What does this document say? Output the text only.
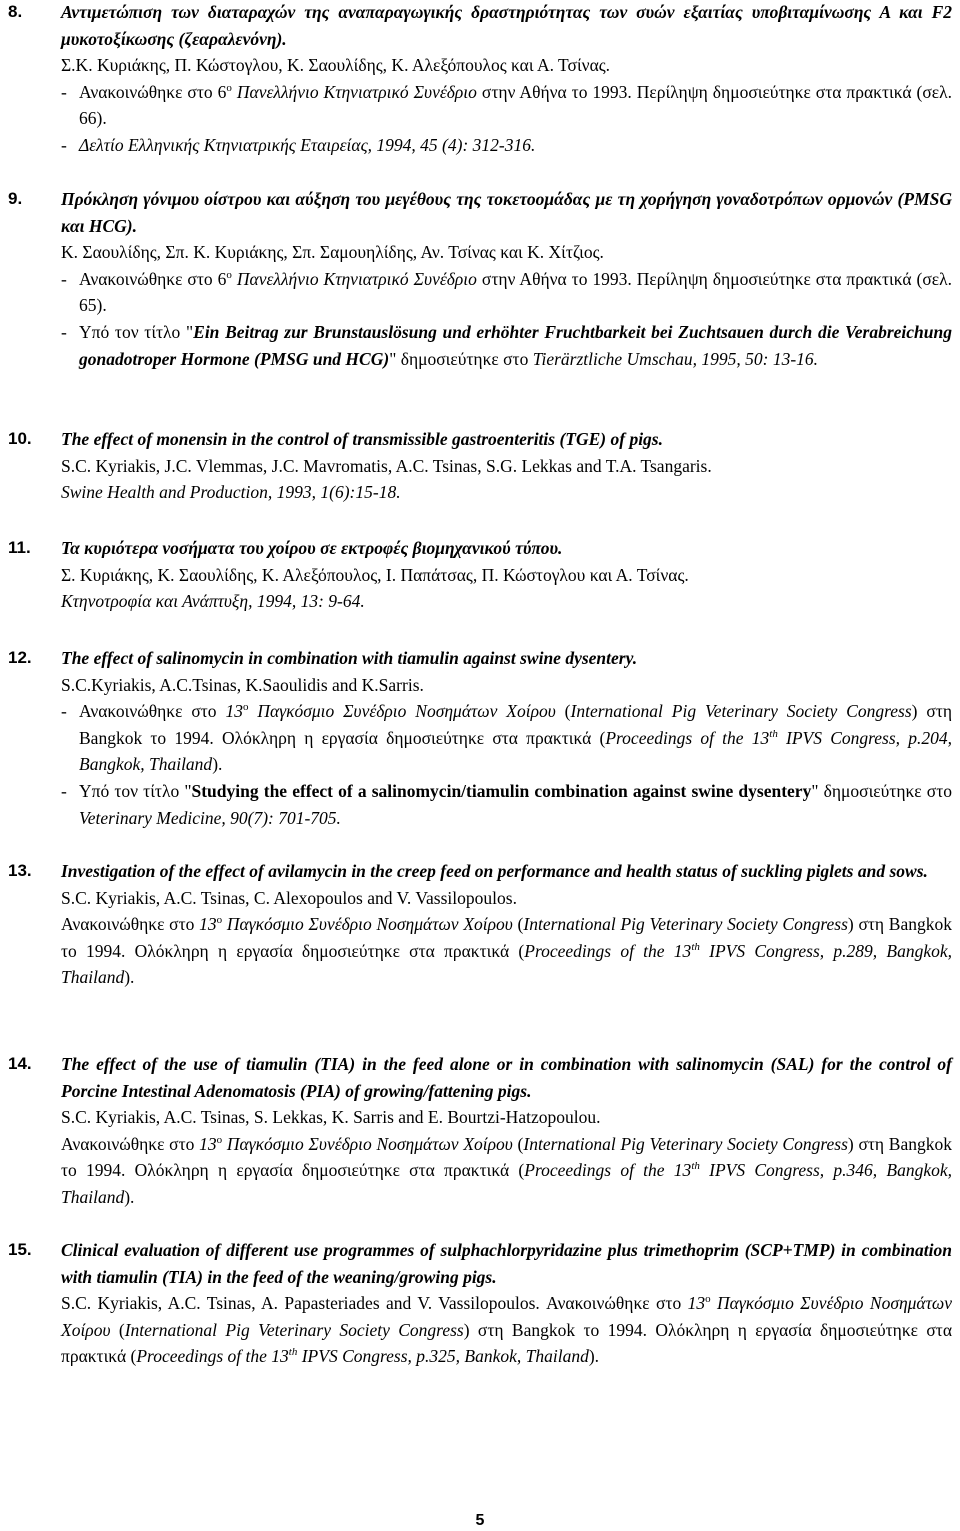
8. Αντιμετώπιση των διαταραχών της αναπαραγωγικής δραστηριότητας των συών εξαιτίας υποβιταμίνωσης Α και F2 μυκοτοξίκωσης (ζεαραλενόνη).
Σ.Κ. Κυριάκης, Π. Κώστογλου, Κ. Σαουλίδης, Κ. Αλεξόπουλος και Α. Τσίνας.
- Ανακοινώθηκε στο $6^o$ Πανελλήνιο Κτηνιατρικό Συνέδριο στην Αθήνα το 1993. Περίληψη δημοσιεύτηκε στα πρακτικά (σελ. 66).
- Δελτίο Ελληνικής Κτηνιατρικής Εταιρείας, 1994, 45 (4): 312-316.
9. Πρόκληση γόνιμου οίστρου και αύξηση του μεγέθους της τοκετοομάδας με τη χορήγηση γοναδοτρόπων ορμονών (PMSG και HCG).
Κ. Σαουλίδης, Σπ. Κ. Κυριάκης, Σπ. Σαμουηλίδης, Αν. Τσίνας και Κ. Χίτζιος.
- Ανακοινώθηκε στο $6^o$ Πανελλήνιο Κτηνιατρικό Συνέδριο στην Αθήνα το 1993. Περίληψη δημοσιεύτηκε στα πρακτικά (σελ. 65).
- Υπό τον τίτλο "Ein Beitrag zur Brunstauslösung und erhöhter Fruchtbarkeit bei Zuchtsauen durch die Verabreichung gonadotroper Hormone (PMSG und HCG)" δημοσιεύτηκε στο Tierärztliche Umschau, 1995, 50: 13-16.
10. The effect of monensin in the control of transmissible gastroenteritis (TGE) of pigs.
S.C. Kyriakis, J.C. Vlemmas, J.C. Mavromatis, A.C. Tsinas, S.G. Lekkas and T.A. Tsangaris.
Swine Health and Production, 1993, 1(6):15-18.
11. Τα κυριότερα νοσήματα του χοίρου σε εκτροφές βιομηχανικού τύπου.
Σ. Κυριάκης, Κ. Σαουλίδης, Κ. Αλεξόπουλος, Ι. Παπάτσας, Π. Κώστογλου και Α. Τσίνας.
Κτηνοτροφία και Ανάπτυξη, 1994, 13: 9-64.
12. The effect of salinomycin in combination with tiamulin against swine dysentery.
S.C.Kyriakis, A.C.Tsinas, K.Saoulidis and K.Sarris.
- Ανακοινώθηκε στο $13^o$ Παγκόσμιο Συνέδριο Νοσημάτων Χοίρου (International Pig Veterinary Society Congress) στη Bangkok το 1994. Ολόκληρη η εργασία δημοσιεύτηκε στα πρακτικά (Proceedings of the 13th IPVS Congress, p.204, Bangkok, Thailand).
- Υπό τον τίτλο "Studying the effect of a salinomycin/tiamulin combination against swine dysentery" δημοσιεύτηκε στο Veterinary Medicine, 90(7): 701-705.
13. Investigation of the effect of avilamycin in the creep feed on performance and health status of suckling piglets and sows.
S.C. Kyriakis, A.C. Tsinas, C. Alexopoulos and V. Vassilopoulos.
Ανακοινώθηκε στο $13^o$ Παγκόσμιο Συνέδριο Νοσημάτων Χοίρου (International Pig Veterinary Society Congress) στη Bangkok το 1994. Ολόκληρη η εργασία δημοσιεύτηκε στα πρακτικά (Proceedings of the 13th IPVS Congress, p.289, Bangkok, Thailand).
14. The effect of the use of tiamulin (TIA) in the feed alone or in combination with salinomycin (SAL) for the control of Porcine Intestinal Adenomatosis (PIA) of growing/fattening pigs.
S.C. Kyriakis, A.C. Tsinas, S. Lekkas, K. Sarris and E. Bourtzi-Hatzopoulou.
Ανακοινώθηκε στο $13^o$ Παγκόσμιο Συνέδριο Νοσημάτων Χοίρου (International Pig Veterinary Society Congress) στη Bangkok το 1994. Ολόκληρη η εργασία δημοσιεύτηκε στα πρακτικά (Proceedings of the 13th IPVS Congress, p.346, Bangkok, Thailand).
15. Clinical evaluation of different use programmes of sulphachlorpyridazine plus trimethoprim (SCP+TMP) in combination with tiamulin (TIA) in the feed of the weaning/growing pigs.
S.C. Kyriakis, A.C. Tsinas, A. Papasteriades and V. Vassilopoulos. Ανακοινώθηκε στο $13^o$ Παγκόσμιο Συνέδριο Νοσημάτων Χοίρου (International Pig Veterinary Society Congress) στη Bangkok το 1994. Ολόκληρη η εργασία δημοσιεύτηκε στα πρακτικά (Proceedings of the 13th IPVS Congress, p.325, Bankok, Thailand).
5
